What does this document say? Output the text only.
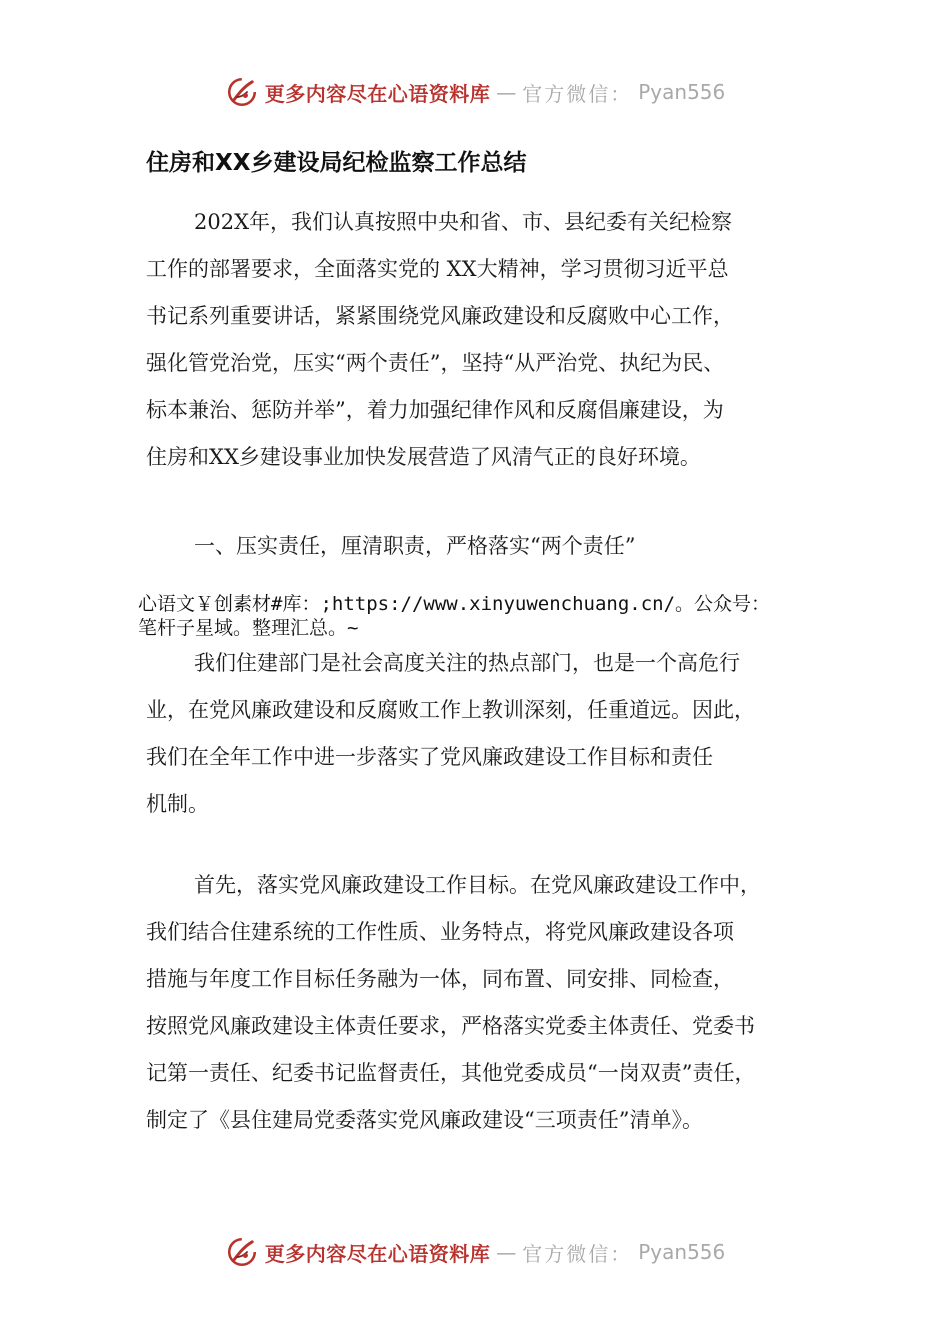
更多内容尽在心语资料库 — 官方微信： Pyan556
住房和XX乡建设局纪检监察工作总结
202X年，我们认真按照中央和省、市、县纪委有关纪检察
工作的部署要求，全面落实党的 XX大精神，学习贯彻习近平总
书记系列重要讲话，紧紧围绕党风廉政建设和反腐败中心工作，
强化管党治党，压实“两个责任”，坚持“从严治党、执纪为民、
标本兼治、惩防并举”，着力加强纪律作风和反腐倡廉建设，为
住房和XX乡建设事业加快发展营造了风清气正的良好环境。
一、压实责任，厘清职责，严格落实“两个责任”
心语文￥创素材#库：;https://www.xinyuwenchuang.cn/。公众号：
笔杆子星域。整理汇总。~
我们住建部门是社会高度关注的热点部门，也是一个高危行
业，在党风廉政建设和反腐败工作上教训深刻，任重道远。因此，
我们在全年工作中进一步落实了党风廉政建设工作目标和责任
机制。
首先，落实党风廉政建设工作目标。在党风廉政建设工作中，
我们结合住建系统的工作性质、业务特点，将党风廉政建设各项
措施与年度工作目标任务融为一体，同布置、同安排、同检查，
按照党风廉政建设主体责任要求，严格落实党委主体责任、党委书
记第一责任、纪委书记监督责任，其他党委成员“一岗双责”责任，
制定了《县住建局党委落实党风廉政建设“三项责任”清单》。
更多内容尽在心语资料库 — 官方微信： Pyan556
